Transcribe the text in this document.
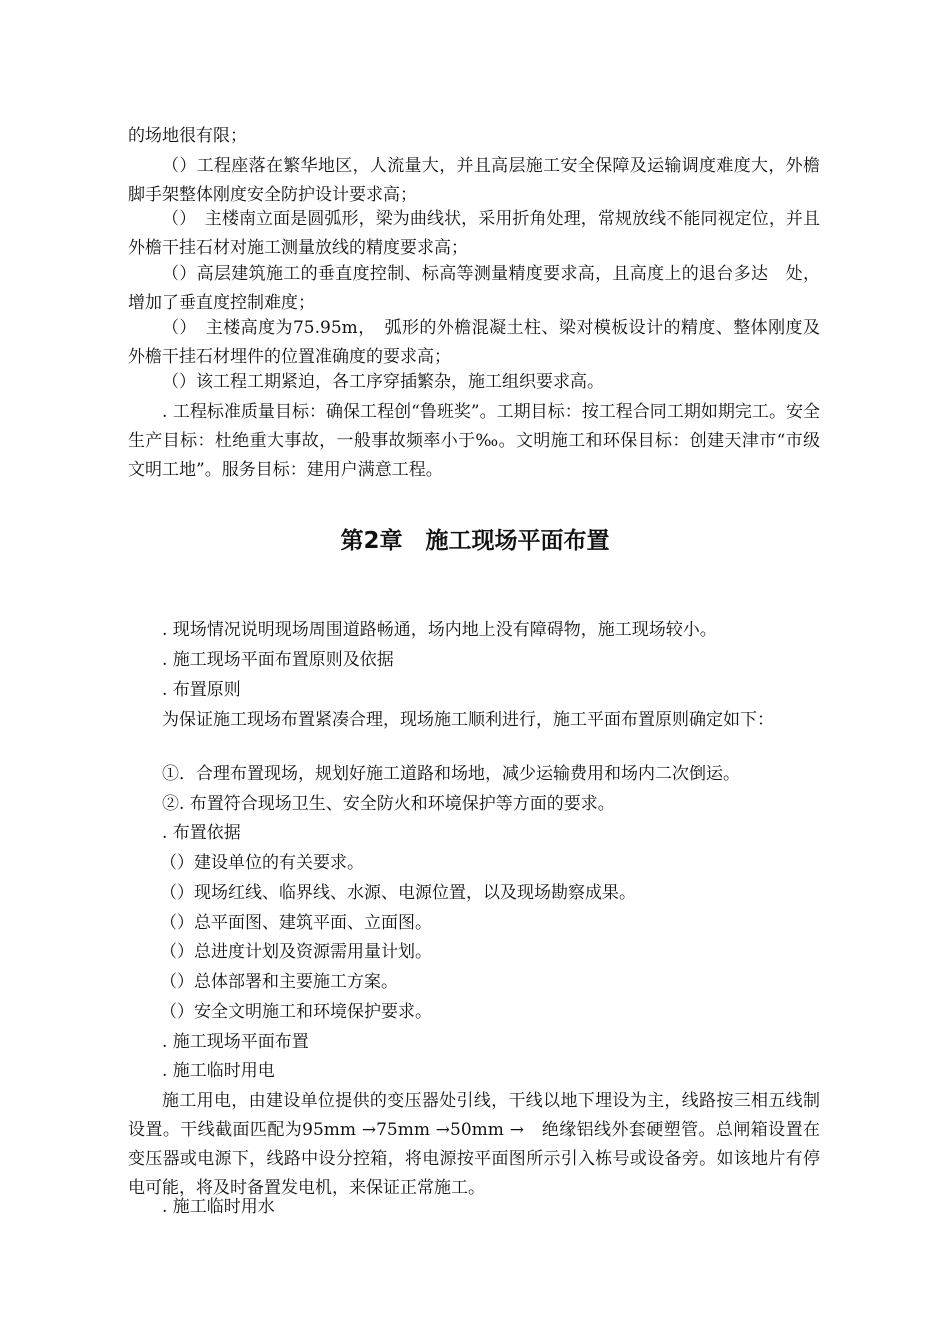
的场地很有限；

（）工程座落在繁华地区，人流量大，并且高层施工安全保障及运输调度难度大，外檐脚手架整体刚度安全防护设计要求高；

（）　主楼南立面是圆弧形，梁为曲线状，采用折角处理，常规放线不能同视定位，并且外檐干挂石材对施工测量放线的精度要求高；

（）高层建筑施工的垂直度控制、标高等测量精度要求高，且高度上的退台多达　处，增加了垂直度控制难度；

（）　主楼高度为75.95m，　弧形的外檐混凝土柱、梁对模板设计的精度、整体刚度及外檐干挂石材埋件的位置准确度的要求高；

（）该工程工期紧迫，各工序穿插繁杂，施工组织要求高。

. 工程标准质量目标：确保工程创“鲁班奖”。工期目标：按工程合同工期如期完工。安全生产目标：杜绝重大事故，一般事故频率小于‰。文明施工和环保目标：创建天津市“市级文明工地”。服务目标：建用户满意工程。

第2章　施工现场平面布置

. 现场情况说明现场周围道路畅通，场内地上没有障碍物，施工现场较小。

. 施工现场平面布置原则及依据

. 布置原则

为保证施工现场布置紧凑合理，现场施工顺利进行，施工平面布置原则确定如下：

①．合理布置现场，规划好施工道路和场地，减少运输费用和场内二次倒运。

②. 布置符合现场卫生、安全防火和环境保护等方面的要求。

. 布置依据

（）建设单位的有关要求。

（）现场红线、临界线、水源、电源位置，以及现场勘察成果。

（）总平面图、建筑平面、立面图。

（）总进度计划及资源需用量计划。

（）总体部署和主要施工方案。

（）安全文明施工和环境保护要求。

. 施工现场平面布置

. 施工临时用电

施工用电，由建设单位提供的变压器处引线，干线以地下埋设为主，线路按三相五线制设置。干线截面匹配为95mm →75mm →50mm →　绝缘铝线外套硬塑管。总闸箱设置在变压器或电源下，线路中设分控箱，将电源按平面图所示引入栋号或设备旁。如该地片有停电可能，将及时备置发电机，来保证正常施工。

. 施工临时用水
